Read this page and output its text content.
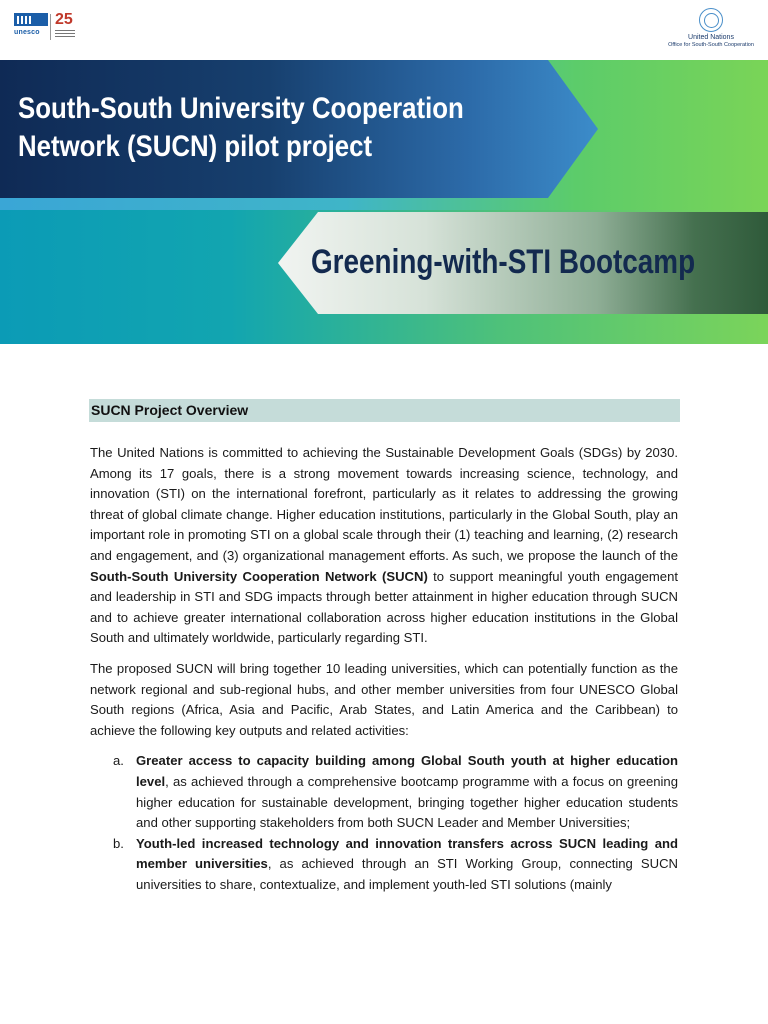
unesco
25
United Nations
Office for South-South Cooperation
South-South University Cooperation
Network (SUCN) pilot project
Greening-with-STI Bootcamp
SUCN Project Overview

The United Nations is committed to achieving the Sustainable Development Goals (SDGs) by 2030. Among its 17 goals, there is a strong movement towards increasing science, technology, and innovation (STI) on the international forefront, particularly as it relates to addressing the growing threat of global climate change. Higher education institutions, particularly in the Global South, play an important role in promoting STI on a global scale through their (1) teaching and learning, (2) research and engagement, and (3) organizational management efforts. As such, we propose the launch of the South-South University Cooperation Network (SUCN) to support meaningful youth engagement and leadership in STI and SDG impacts through better attainment in higher education through SUCN and to achieve greater international collaboration across higher education institutions in the Global South and ultimately worldwide, particularly regarding STI.

The proposed SUCN will bring together 10 leading universities, which can potentially function as the network regional and sub-regional hubs, and other member universities from four UNESCO Global South regions (Africa, Asia and Pacific, Arab States, and Latin America and the Caribbean) to achieve the following key outputs and related activities:

a. Greater access to capacity building among Global South youth at higher education level, as achieved through a comprehensive bootcamp programme with a focus on greening higher education for sustainable development, bringing together higher education students and other supporting stakeholders from both SUCN Leader and Member Universities;
b. Youth-led increased technology and innovation transfers across SUCN leading and member universities, as achieved through an STI Working Group, connecting SUCN universities to share, contextualize, and implement youth-led STI solutions (mainly
